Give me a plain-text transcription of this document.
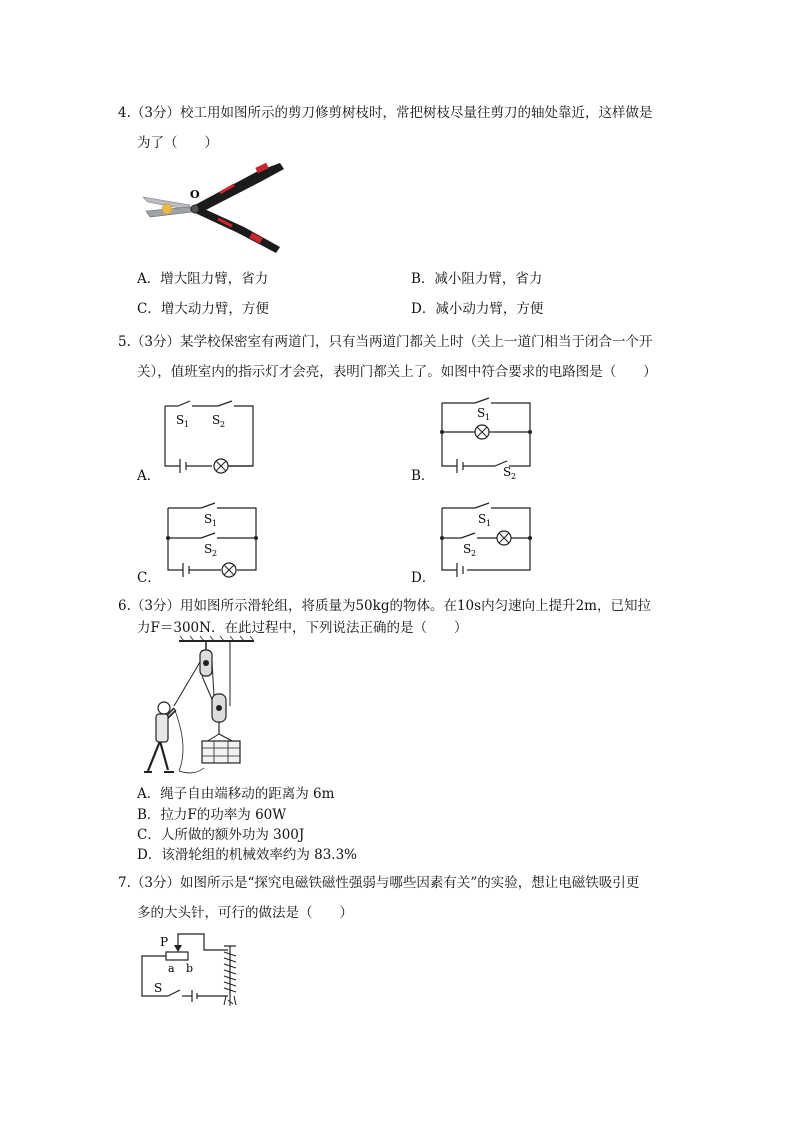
4.（3分）校工用如图所示的剪刀修剪树枝时，常把树枝尽量往剪刀的轴处靠近，这样做是
为了（　　）
O
A．增大阻力臂，省力	B．减小阻力臂，省力
C．增大动力臂，方便	D．减小动力臂，方便
5.（3分）某学校保密室有两道门，只有当两道门都关上时（关上一道门相当于闭合一个开
关），值班室内的指示灯才会亮，表明门都关上了。如图中符合要求的电路图是（　　）
A．
S 1 S 2
B．
S 1
S 2
C．
S 1
S 2
D．
S 1
S 2
6.（3分）用如图所示滑轮组，将质量为50kg的物体。在10s内匀速向上提升2m，已知拉
力F＝300N．在此过程中，下列说法正确的是（　　）
A．绳子自由端移动的距离为 6m
B．拉力F的功率为 60W
C．人所做的额外功为 300J
D．该滑轮组的机械效率约为 83.3%
7.（3分）如图所示是“探究电磁铁磁性强弱与哪些因素有关”的实验，想让电磁铁吸引更
多的大头针，可行的做法是（　　）
P
a b
S
